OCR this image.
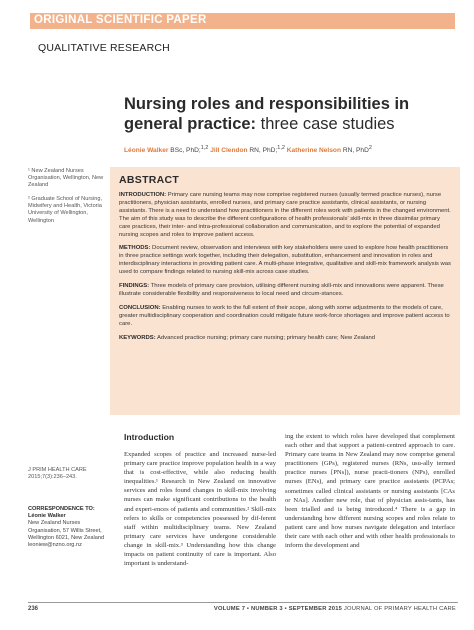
ORIGINAL SCIENTIFIC PAPER
QUALITATIVE RESEARCH
Nursing roles and responsibilities in general practice: three case studies
Léonie Walker BSc, PhD;$^{1,2}$ Jill Clendon RN, PhD;$^{1,2}$ Katherine Nelson RN, PhD$^2$
¹ New Zealand Nurses Organisation, Wellington, New Zealand
² Graduate School of Nursing, Midwifery and Health, Victoria University of Wellington, Wellington
ABSTRACT

INTRODUCTION: Primary care nursing teams may now comprise registered nurses (usually termed practice nurses), nurse practitioners, physician assistants, enrolled nurses, and primary care practice assistants, clinical assistants, or nursing assistants. There is a need to understand how practitioners in the different roles work with patients in the changed environment. The aim of this study was to describe the different configurations of health professionals' skill-mix in three dissimilar primary care practices, their inter- and intra-professional collaboration and communication, and to explore the potential of expanded nursing scopes and roles to improve patient access.

METHODS: Document review, observation and interviews with key stakeholders were used to explore how health practitioners in three practice settings work together, including their delegation, substitution, enhancement and innovation in roles and interdisciplinary interactions in providing patient care. A multi-phase integrative, qualitative and skill-mix framework analysis was used to compare findings related to nursing skill-mix across case studies.

FINDINGS: Three models of primary care provision, utilising different nursing skill-mix and innovations were apparent. These illustrate considerable flexibility and responsiveness to local need and circum-stances.

CONCLUSION: Enabling nurses to work to the full extent of their scope, along with some adjustments to the models of care, greater multidisciplinary cooperation and coordination could mitigate future work-force shortages and improve patient access to care.

KEYWORDS: Advanced practice nursing; primary care nursing; primary health care; New Zealand

Introduction

Expanded scopes of practice and increased nurse-led primary care practice improve population health in a way that is cost-effective, while also reducing health inequalities.¹ Research in New Zealand on innovative services and roles found changes in skill-mix involving nurses can make significant contributions to the health and experi-ences of patients and communities.² Skill-mix refers to skills or competencies possessed by dif-ferent staff within multidisciplinary teams. New Zealand primary care services have undergone considerable change in skill-mix.³ Understanding how this change impacts on patient continuity of care is important. Also important is understand-

ing the extent to which roles have developed that complement each other and that support a patient-centred approach to care. Primary care teams in New Zealand may now comprise general practitioners (GPs), registered nurses (RNs, usu-ally termed practice nurses [PNs]), nurse practi-tioners (NPs), enrolled nurses (ENs), and primary care practice assistants (PCPAs; sometimes called clinical assistants or nursing assistants [CAs or NAs]. Another new role, that of physician assis-tants, has been trialled and is being introduced.⁴ There is a gap in understanding how different nursing scopes and roles relate to patient care and how nurses navigate delegation and interface their care with each other and with other health professionals to inform the development and

J PRIM HEALTH CARE 2015;7(3):236–243.
CORRESPONDENCE TO:
Léonie Walker
New Zealand Nurses Organisation, 57 Willis Street, Wellington 6021, New Zealand
leoniew@nzno.org.nz
236	VOLUME 7 • NUMBER 3 • SEPTEMBER 2015 JOURNAL OF PRIMARY HEALTH CARE
